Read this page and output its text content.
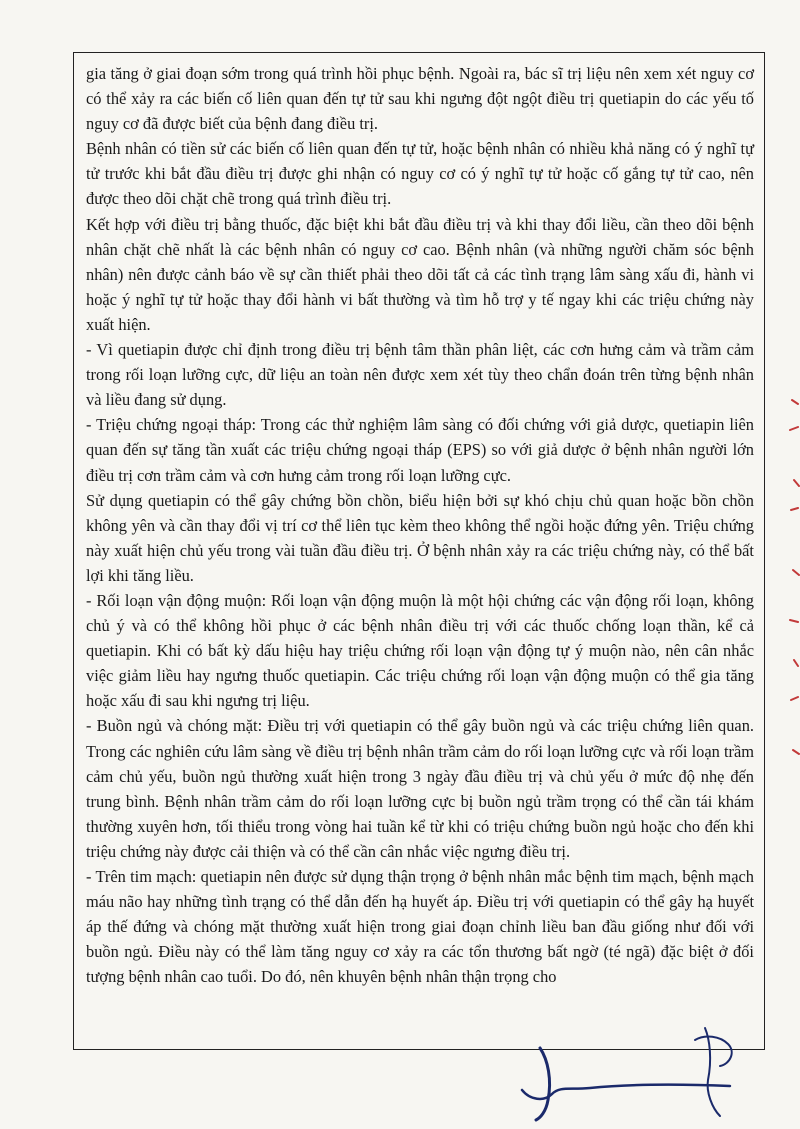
gia tăng ở giai đoạn sớm trong quá trình hồi phục bệnh. Ngoài ra, bác sĩ trị liệu nên xem xét nguy cơ có thể xảy ra các biến cố liên quan đến tự tử sau khi ngưng đột ngột điều trị quetiapin do các yếu tố nguy cơ đã được biết của bệnh đang điều trị.

Bệnh nhân có tiền sử các biến cố liên quan đến tự tử, hoặc bệnh nhân có nhiều khả năng có ý nghĩ tự tử trước khi bắt đầu điều trị được ghi nhận có nguy cơ có ý nghĩ tự tử hoặc cố gắng tự tử cao, nên được theo dõi chặt chẽ trong quá trình điều trị.

Kết hợp với điều trị bằng thuốc, đặc biệt khi bắt đầu điều trị và khi thay đổi liều, cần theo dõi bệnh nhân chặt chẽ nhất là các bệnh nhân có nguy cơ cao. Bệnh nhân (và những người chăm sóc bệnh nhân) nên được cảnh báo về sự cần thiết phải theo dõi tất cả các tình trạng lâm sàng xấu đi, hành vi hoặc ý nghĩ tự tử hoặc thay đổi hành vi bất thường và tìm hỗ trợ y tế ngay khi các triệu chứng này xuất hiện.

- Vì quetiapin được chỉ định trong điều trị bệnh tâm thần phân liệt, các cơn hưng cảm và trầm cảm trong rối loạn lưỡng cực, dữ liệu an toàn nên được xem xét tùy theo chẩn đoán trên từng bệnh nhân và liều đang sử dụng.

- Triệu chứng ngoại tháp: Trong các thử nghiệm lâm sàng có đối chứng với giả dược, quetiapin liên quan đến sự tăng tần xuất các triệu chứng ngoại tháp (EPS) so với giả dược ở bệnh nhân người lớn điều trị cơn trầm cảm và cơn hưng cảm trong rối loạn lưỡng cực.

Sử dụng quetiapin có thể gây chứng bồn chồn, biểu hiện bởi sự khó chịu chủ quan hoặc bồn chồn không yên và cần thay đổi vị trí cơ thể liên tục kèm theo không thể ngồi hoặc đứng yên. Triệu chứng này xuất hiện chủ yếu trong vài tuần đầu điều trị. Ở bệnh nhân xảy ra các triệu chứng này, có thể bất lợi khi tăng liều.

- Rối loạn vận động muộn: Rối loạn vận động muộn là một hội chứng các vận động rối loạn, không chủ ý và có thể không hồi phục ở các bệnh nhân điều trị với các thuốc chống loạn thần, kể cả quetiapin. Khi có bất kỳ dấu hiệu hay triệu chứng rối loạn vận động tự ý muộn nào, nên cân nhắc việc giảm liều hay ngưng thuốc quetiapin. Các triệu chứng rối loạn vận động muộn có thể gia tăng hoặc xấu đi sau khi ngưng trị liệu.

- Buồn ngủ và chóng mặt: Điều trị với quetiapin có thể gây buồn ngủ và các triệu chứng liên quan. Trong các nghiên cứu lâm sàng về điều trị bệnh nhân trầm cảm do rối loạn lưỡng cực và rối loạn trầm cảm chủ yếu, buồn ngủ thường xuất hiện trong 3 ngày đầu điều trị và chủ yếu ở mức độ nhẹ đến trung bình. Bệnh nhân trầm cảm do rối loạn lưỡng cực bị buồn ngủ trầm trọng có thể cần tái khám thường xuyên hơn, tối thiểu trong vòng hai tuần kể từ khi có triệu chứng buồn ngủ hoặc cho đến khi triệu chứng này được cải thiện và có thể cần cân nhắc việc ngưng điều trị.

- Trên tim mạch: quetiapin nên được sử dụng thận trọng ở bệnh nhân mắc bệnh tim mạch, bệnh mạch máu não hay những tình trạng có thể dẫn đến hạ huyết áp. Điều trị với quetiapin có thể gây hạ huyết áp thế đứng và chóng mặt thường xuất hiện trong giai đoạn chỉnh liều ban đầu giống như đối với buồn ngủ. Điều này có thể làm tăng nguy cơ xảy ra các tổn thương bất ngờ (té ngã) đặc biệt ở đối tượng bệnh nhân cao tuổi. Do đó, nên khuyên bệnh nhân thận trọng cho
